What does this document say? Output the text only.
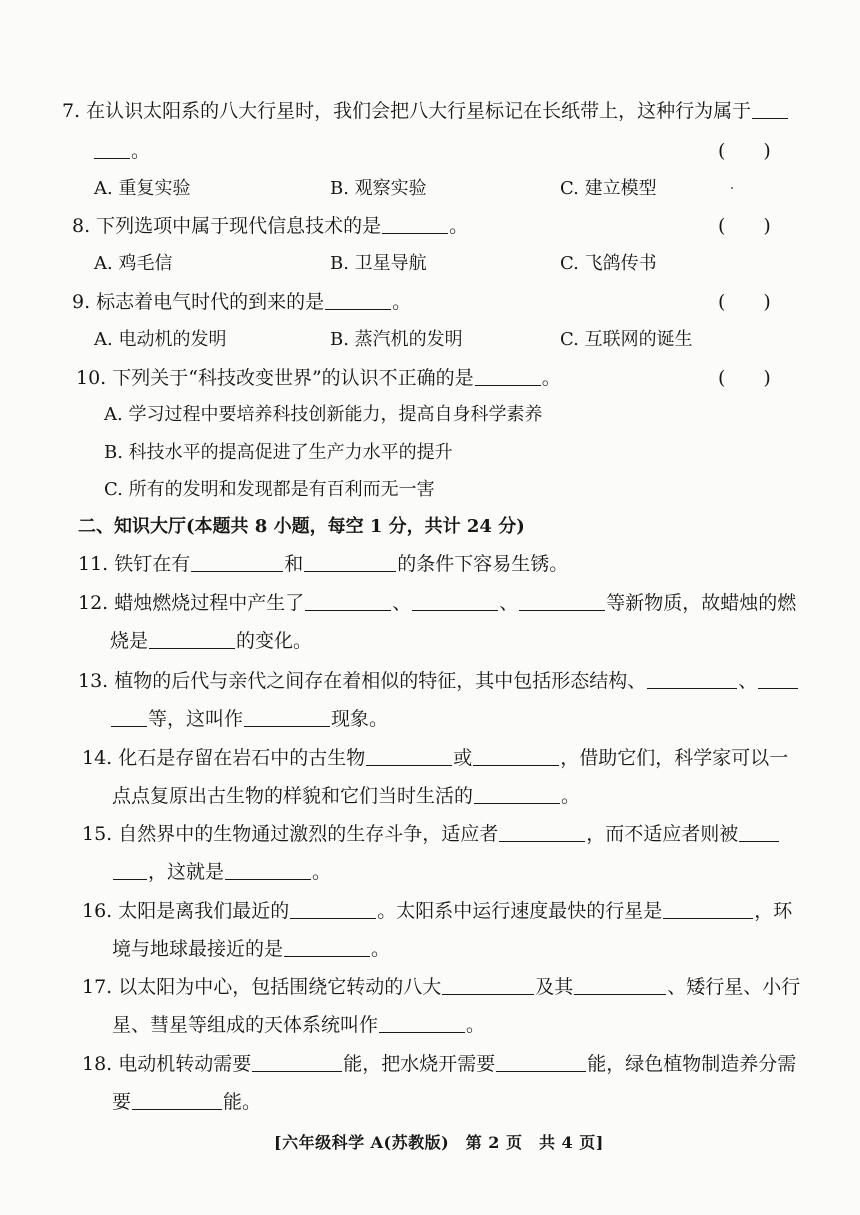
7. 在认识太阳系的八大行星时，我们会把八大行星标记在长纸带上，这种行为属于
。	(　　)
A. 重复实验	B. 观察实验	C. 建立模型
8. 下列选项中属于现代信息技术的是	。	(　　)
A. 鸡毛信	B. 卫星导航	C. 飞鸽传书
9. 标志着电气时代的到来的是	。	(　　)
A. 电动机的发明	B. 蒸汽机的发明	C. 互联网的诞生
10. 下列关于“科技改变世界”的认识不正确的是	。	(　　)
A. 学习过程中要培养科技创新能力，提高自身科学素养
B. 科技水平的提高促进了生产力水平的提升
C. 所有的发明和发现都是有百利而无一害
二、知识大厅(本题共 8 小题，每空 1 分，共计 24 分)
11. 铁钉在有	和	的条件下容易生锈。
12. 蜡烛燃烧过程中产生了	、	、	等新物质，故蜡烛的燃
烧是	的变化。
13. 植物的后代与亲代之间存在着相似的特征，其中包括形态结构、	、
等，这叫作	现象。
14. 化石是存留在岩石中的古生物	或	，借助它们，科学家可以一
点点复原出古生物的样貌和它们当时生活的	。
15. 自然界中的生物通过激烈的生存斗争，适应者	，而不适应者则被
，这就是	。
16. 太阳是离我们最近的	。太阳系中运行速度最快的行星是	，环
境与地球最接近的是	。
17. 以太阳为中心，包括围绕它转动的八大	及其	、矮行星、小行
星、彗星等组成的天体系统叫作	。
18. 电动机转动需要	能，把水烧开需要	能，绿色植物制造养分需
要	能。
[六年级科学 A(苏教版)　第 2 页　共 4 页]
